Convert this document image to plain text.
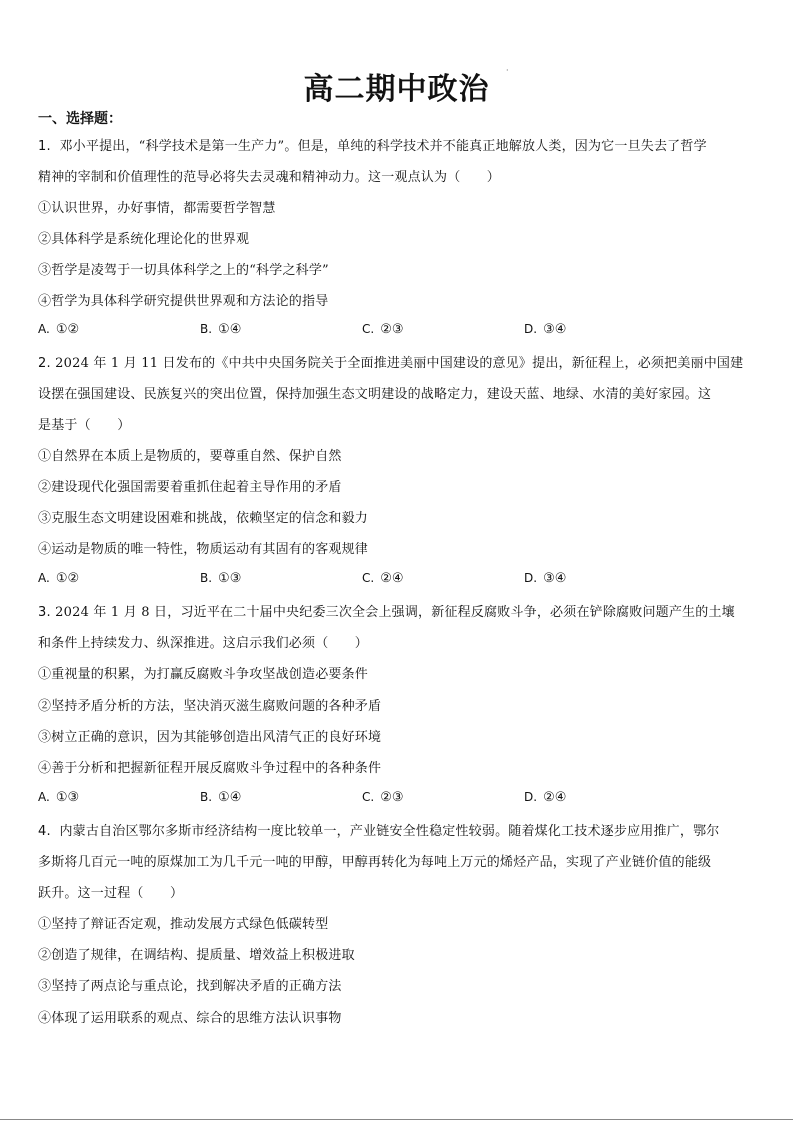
高二期中政治
·
一、选择题：
1. 邓小平提出，“科学技术是第一生产力”。但是，单纯的科学技术并不能真正地解放人类，因为它一旦失去了哲学
精神的宰制和价值理性的范导必将失去灵魂和精神动力。这一观点认为（　　）
①认识世界，办好事情，都需要哲学智慧
②具体科学是系统化理论化的世界观
③哲学是凌驾于一切具体科学之上的“科学之科学”
④哲学为具体科学研究提供世界观和方法论的指导
A. ①②	B. ①④	C. ②③	D. ③④
2. 2024 年 1 月 11 日发布的《中共中央国务院关于全面推进美丽中国建设的意见》提出，新征程上，必须把美丽中国建
设摆在强国建设、民族复兴的突出位置，保持加强生态文明建设的战略定力，建设天蓝、地绿、水清的美好家园。这
是基于（　　）
①自然界在本质上是物质的，要尊重自然、保护自然
②建设现代化强国需要着重抓住起着主导作用的矛盾
③克服生态文明建设困难和挑战，依赖坚定的信念和毅力
④运动是物质的唯一特性，物质运动有其固有的客观规律
A. ①②	B. ①③	C. ②④	D. ③④
3. 2024 年 1 月 8 日，习近平在二十届中央纪委三次全会上强调，新征程反腐败斗争，必须在铲除腐败问题产生的土壤
和条件上持续发力、纵深推进。这启示我们必须（　　）
①重视量的积累，为打赢反腐败斗争攻坚战创造必要条件
②坚持矛盾分析的方法，坚决消灭滋生腐败问题的各种矛盾
③树立正确的意识，因为其能够创造出风清气正的良好环境
④善于分析和把握新征程开展反腐败斗争过程中的各种条件
A. ①③	B. ①④	C. ②③	D. ②④
4. 内蒙古自治区鄂尔多斯市经济结构一度比较单一，产业链安全性稳定性较弱。随着煤化工技术逐步应用推广，鄂尔
多斯将几百元一吨的原煤加工为几千元一吨的甲醇，甲醇再转化为每吨上万元的烯烃产品，实现了产业链价值的能级
跃升。这一过程（　　）
①坚持了辩证否定观，推动发展方式绿色低碳转型
②创造了规律，在调结构、提质量、增效益上积极进取
③坚持了两点论与重点论，找到解决矛盾的正确方法
④体现了运用联系的观点、综合的思维方法认识事物
